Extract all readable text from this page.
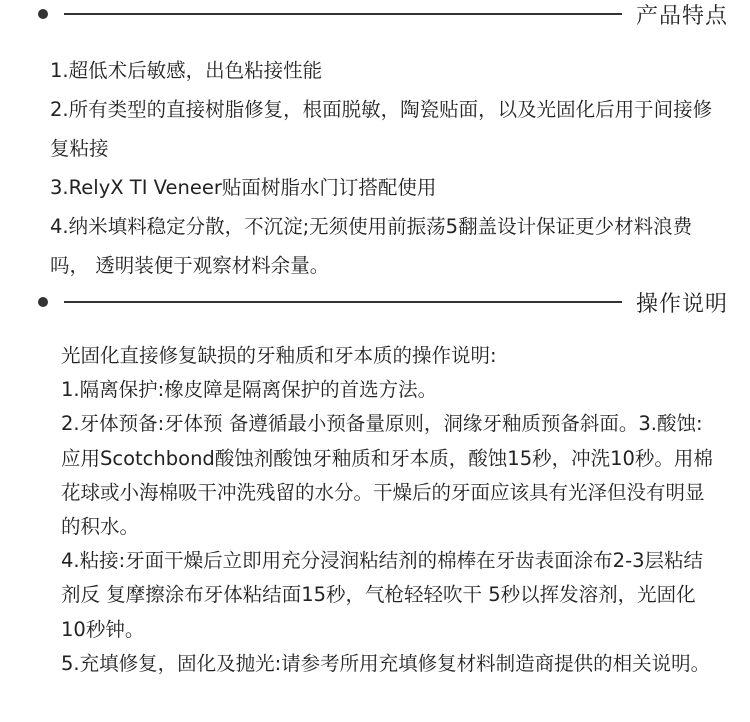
产品特点

1.超低术后敏感，出色粘接性能

2.所有类型的直接树脂修复，根面脱敏，陶瓷贴面，以及光固化后用于间接修复粘接

3.RelyX TI Veneer贴面树脂水门订搭配使用

4.纳米填料稳定分散，不沉淀;无须使用前振荡5翻盖设计保证更少材料浪费吗， 透明装便于观察材料余量。

操作说明

光固化直接修复缺损的牙釉质和牙本质的操作说明:

1.隔离保护:橡皮障是隔离保护的首选方法。

2.牙体预备:牙体预 备遵循最小预备量原则，洞缘牙釉质预备斜面。3.酸蚀:应用Scotchbond酸蚀剂酸蚀牙釉质和牙本质，酸蚀15秒，冲洗10秒。用棉花球或小海棉吸干冲洗残留的水分。干燥后的牙面应该具有光泽但没有明显 的积水。

4.粘接:牙面干燥后立即用充分浸润粘结剂的棉棒在牙齿表面涂布2-3层粘结剂反 复摩擦涂布牙体粘结面15秒，气枪轻轻吹干 5秒以挥发溶剂，光固化 10秒钟。

5.充填修复，固化及抛光:请参考所用充填修复材料制造商提供的相关说明。
